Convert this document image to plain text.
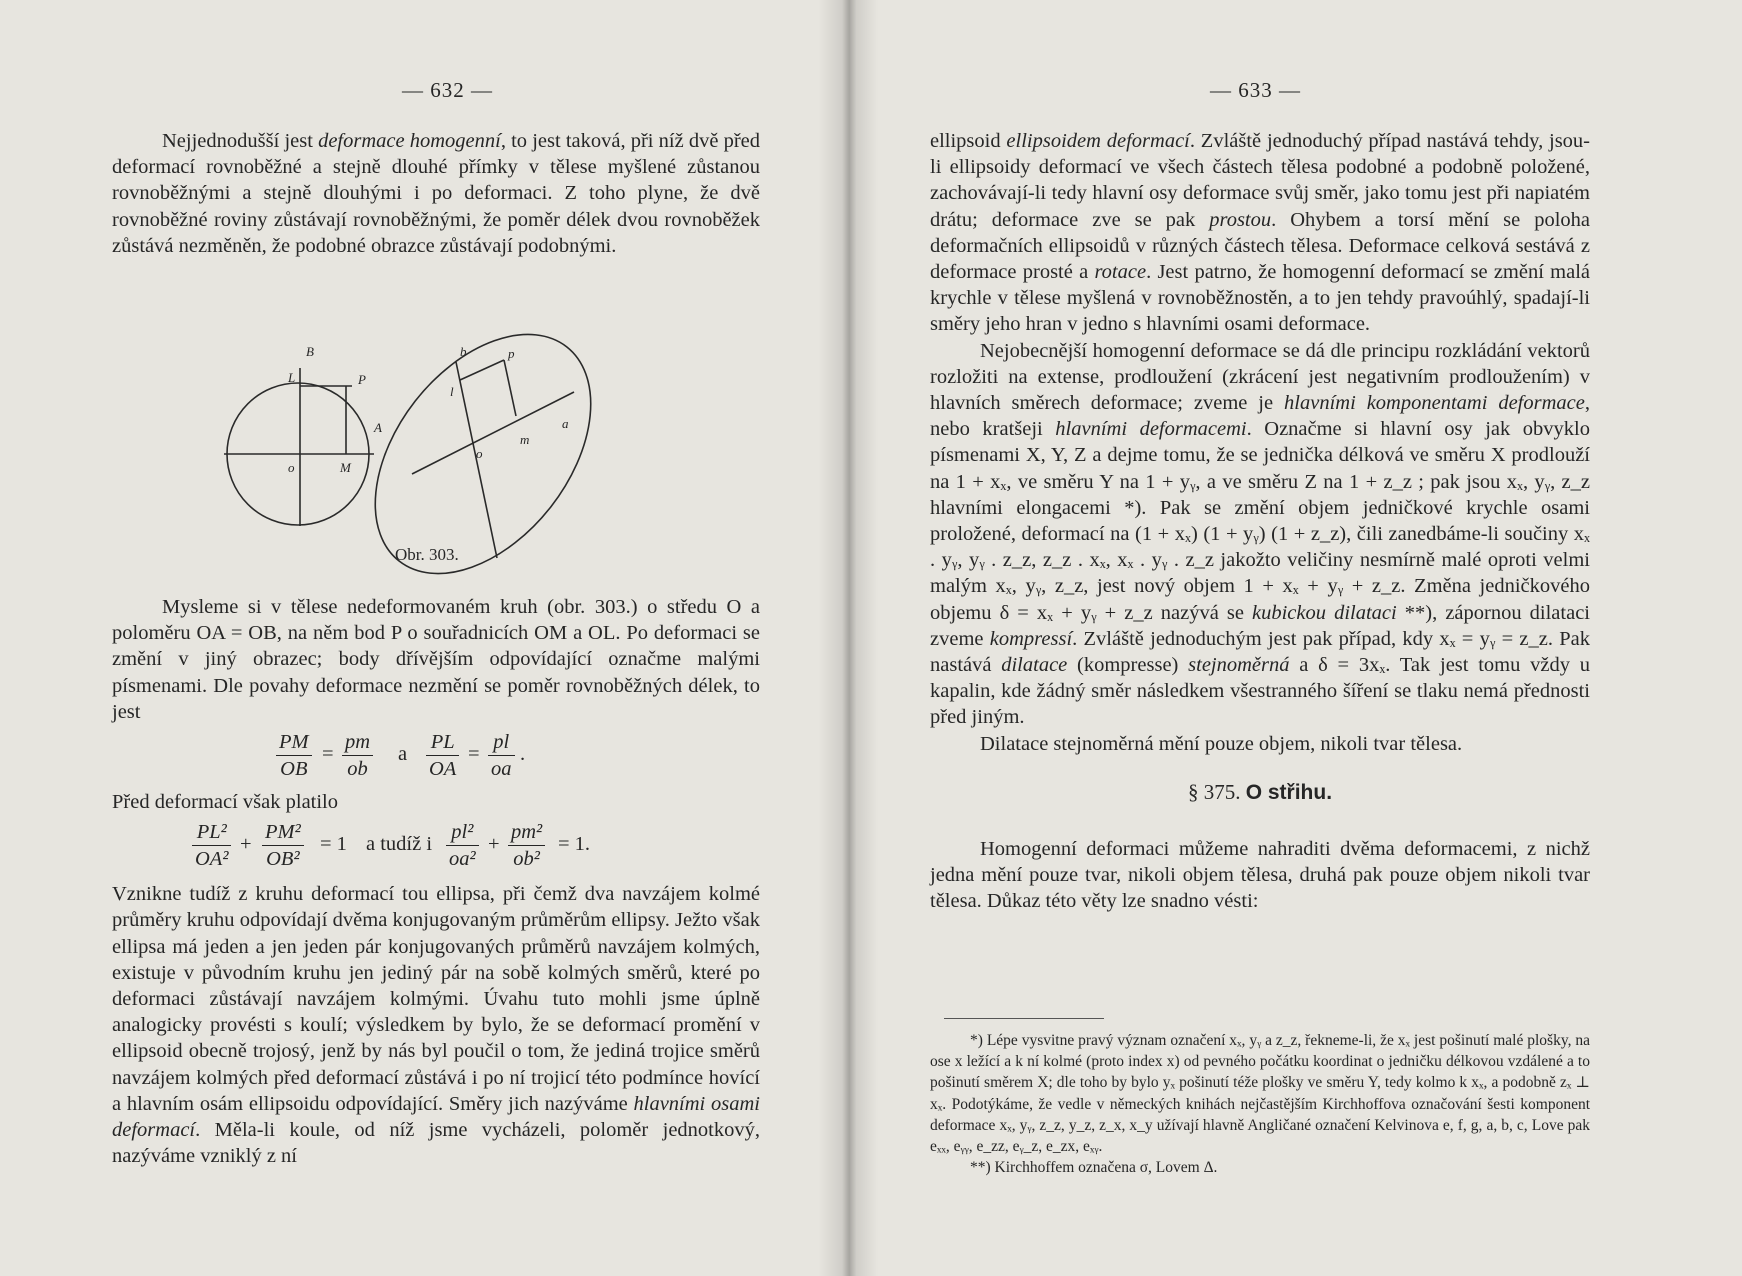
— 632 —

Nejjednodušší jest deformace homogenní, to jest taková, při níž dvě před deformací rovnoběžné a stejně dlouhé přímky v tělese myšlené zůstanou rovnoběžnými a stejně dlouhými i po deformaci. Z toho plyne, že dvě rovnoběžné roviny zůstávají rovnoběžnými, že poměr délek dvou rovnoběžek zůstává nezměněn, že podobné obrazce zůstávají podobnými.

B
L	P
A
o	M
b	p
l
a
m
o
Obr. 303.

Mysleme si v tělese nedeformovaném kruh (obr. 303.) o středu O a poloměru OA = OB, na něm bod P o souřadnicích OM a OL. Po deformaci se změní v jiný obrazec; body dřívějším odpovídající označme malými písmenami. Dle povahy deformace nezmění se poměr rovnoběžných délek, to jest

$\frac{PM}{OB} = \frac{pm}{ob}$ a $\frac{PL}{OA} = \frac{pl}{oa}$ .

Před deformací však platilo

$\frac{\text{PL²}}{\text{OA²}} + \frac{\text{PM²}}{\text{OB²}} = 1$ a tudíž i $\frac{\text{pl²}}{\text{oa²}} + \frac{\text{pm²}}{\text{ob²}} = 1$.

Vznikne tudíž z kruhu deformací tou ellipsa, při čemž dva navzájem kolmé průměry kruhu odpovídají dvěma konjugovaným průměrům ellipsy. Ježto však ellipsa má jeden a jen jeden pár konjugovaných průměrů navzájem kolmých, existuje v původním kruhu jen jediný pár na sobě kolmých směrů, které po deformaci zůstávají navzájem kolmými. Úvahu tuto mohli jsme úplně analogicky provésti s koulí; výsledkem by bylo, že se deformací promění v ellipsoid obecně trojosý, jenž by nás byl poučil o tom, že jediná trojice směrů navzájem kolmých před deformací zůstává i po ní trojicí této podmínce hovící a hlavním osám ellipsoidu odpovídající. Směry jich nazýváme hlavními osami deformací. Měla-li koule, od níž jsme vycházeli, poloměr jednotkový, nazýváme vzniklý z ní

— 633 —

ellipsoid ellipsoidem deformací. Zvláště jednoduchý případ nastává tehdy, jsou-li ellipsoidy deformací ve všech částech tělesa podobné a podobně položené, zachovávají-li tedy hlavní osy deformace svůj směr, jako tomu jest při napiatém drátu; deformace zve se pak prostou. Ohybem a torsí mění se poloha deformačních ellipsoidů v různých částech tělesa. Deformace celková sestává z deformace prosté a rotace. Jest patrno, že homogenní deformací se změní malá krychle v tělese myšlená v rovnoběžnostěn, a to jen tehdy pravoúhlý, spadají-li směry jeho hran v jedno s hlavními osami deformace.

Nejobecnější homogenní deformace se dá dle principu rozkládání vektorů rozložiti na extense, prodloužení (zkrácení jest negativním prodloužením) v hlavních směrech deformace; zveme je hlavními komponentami deformace, nebo kratšeji hlavními deformacemi. Označme si hlavní osy jak obvyklo písmenami X, Y, Z a dejme tomu, že se jednička délková ve směru X prodlouží na 1 + xₓ, ve směru Y na 1 + yᵧ, a ve směru Z na 1 + z_z ; pak jsou xₓ, yᵧ, z_z hlavními elongacemi *). Pak se změní objem jedničkové krychle osami proložené, deformací na (1 + xₓ) (1 + yᵧ) (1 + z_z), čili zanedbáme-li součiny xₓ . yᵧ, yᵧ . z_z, z_z . xₓ, xₓ . yᵧ . z_z jakožto veličiny nesmírně malé oproti velmi malým xₓ, yᵧ, z_z, jest nový objem 1 + xₓ + yᵧ + z_z. Změna jedničkového objemu δ = xₓ + yᵧ + z_z nazývá se kubickou dilataci **), zápornou dilataci zveme kompressí. Zvláště jednoduchým jest pak případ, kdy xₓ = yᵧ = z_z. Pak nastává dilatace (kompresse) stejnoměrná a δ = 3xₓ. Tak jest tomu vždy u kapalin, kde žádný směr následkem všestranného šíření se tlaku nemá přednosti před jiným.

Dilatace stejnoměrná mění pouze objem, nikoli tvar tělesa.

§ 375. O střihu.

Homogenní deformaci můžeme nahraditi dvěma deformacemi, z nichž jedna mění pouze tvar, nikoli objem tělesa, druhá pak pouze objem nikoli tvar tělesa. Důkaz této věty lze snadno vésti:

*) Lépe vysvitne pravý význam označení xₓ, yᵧ a z_z, řekneme-li, že xₓ jest pošinutí malé plošky, na ose x ležící a k ní kolmé (proto index x) od pevného počátku koordinat o jedničku délkovou vzdálené a to pošinutí směrem X; dle toho by bylo yₓ pošinutí téže plošky ve směru Y, tedy kolmo k xₓ, a podobně zₓ ⊥ xₓ. Podotýkáme, že vedle v německých knihách nejčastějším Kirchhoffova označování šesti komponent deformace xₓ, yᵧ, z_z, y_z, z_x, x_y užívají hlavně Angličané označení Kelvinova e, f, g, a, b, c, Love pak eₓₓ, eᵧᵧ, e_zz, eᵧ_z, e_zx, eₓᵧ.

**) Kirchhoffem označena σ, Lovem Δ.
